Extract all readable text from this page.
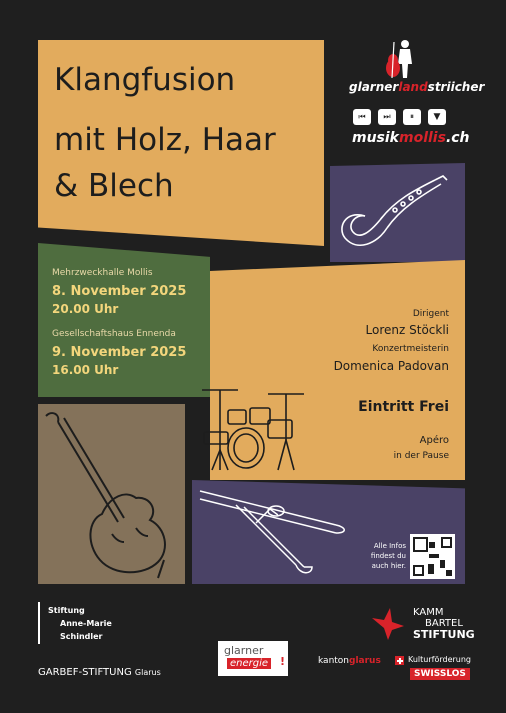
Klangfusion
mit Holz, Haar
& Blech
glarnerlandstriicher
⏮	⏭	⏸	▼
musikmollis.ch
Mehrzweckhalle Mollis
8. November 2025
20.00 Uhr
Gesellschaftshaus Ennenda
9. November 2025
16.00 Uhr
Dirigent
Lorenz Stöckli
Konzertmeisterin
Domenica Padovan
Eintritt Frei
Apéro
in der Pause
Alle Infos
findest du
auch hier.
Stiftung
Anne-Marie
Schindler
GARBEF-STIFTUNG Glarus
glarner
energie !
KAMM
BARTEL
STIFTUNG
kantonglarus	Kulturförderung
SWISSLOS
